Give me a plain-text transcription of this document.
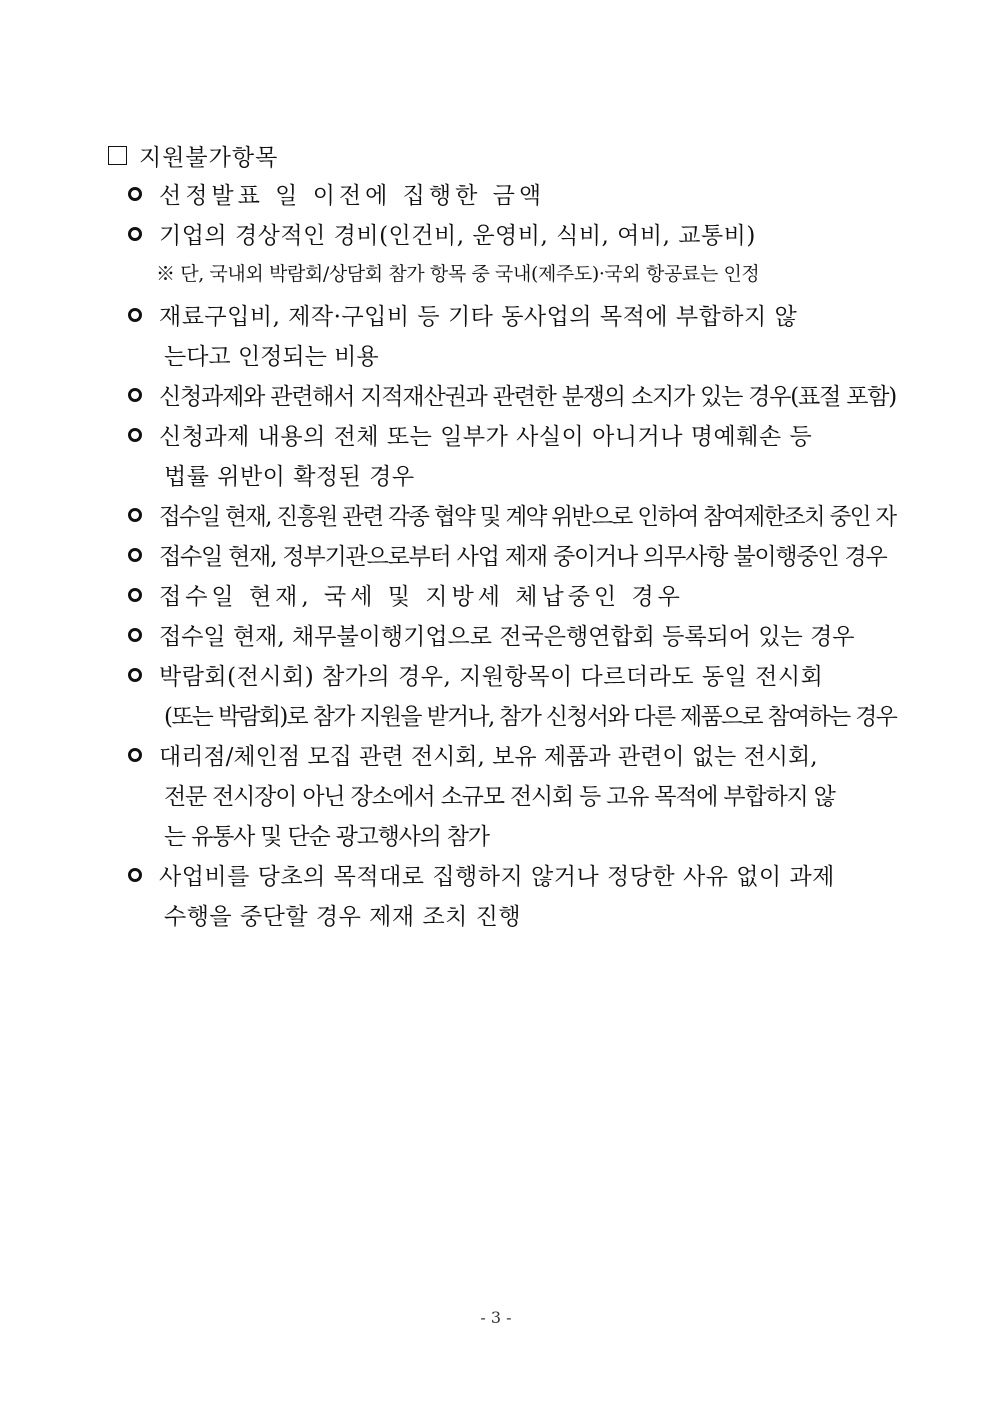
지원불가항목
선정발표 일 이전에 집행한 금액
기업의 경상적인 경비(인건비, 운영비, 식비, 여비, 교통비)
※ 단, 국내외 박람회/상담회 참가 항목 중 국내(제주도)·국외 항공료는 인정
재료구입비, 제작·구입비 등 기타 동사업의 목적에 부합하지 않
는다고 인정되는 비용
신청과제와 관련해서 지적재산권과 관련한 분쟁의 소지가 있는 경우(표절 포함)
신청과제 내용의 전체 또는 일부가 사실이 아니거나 명예훼손 등
법률 위반이 확정된 경우
접수일 현재, 진흥원 관련 각종 협약 및 계약 위반으로 인하여 참여제한조치 중인 자
접수일 현재, 정부기관으로부터 사업 제재 중이거나 의무사항 불이행중인 경우
접수일 현재, 국세 및 지방세 체납중인 경우
접수일 현재, 채무불이행기업으로 전국은행연합회 등록되어 있는 경우
박람회(전시회) 참가의 경우, 지원항목이 다르더라도 동일 전시회
(또는 박람회)로 참가 지원을 받거나, 참가 신청서와 다른 제품으로 참여하는 경우
대리점/체인점 모집 관련 전시회, 보유 제품과 관련이 없는 전시회,
전문 전시장이 아닌 장소에서 소규모 전시회 등 고유 목적에 부합하지 않
는 유통사 및 단순 광고행사의 참가
사업비를 당초의 목적대로 집행하지 않거나 정당한 사유 없이 과제
수행을 중단할 경우 제재 조치 진행
- 3 -
